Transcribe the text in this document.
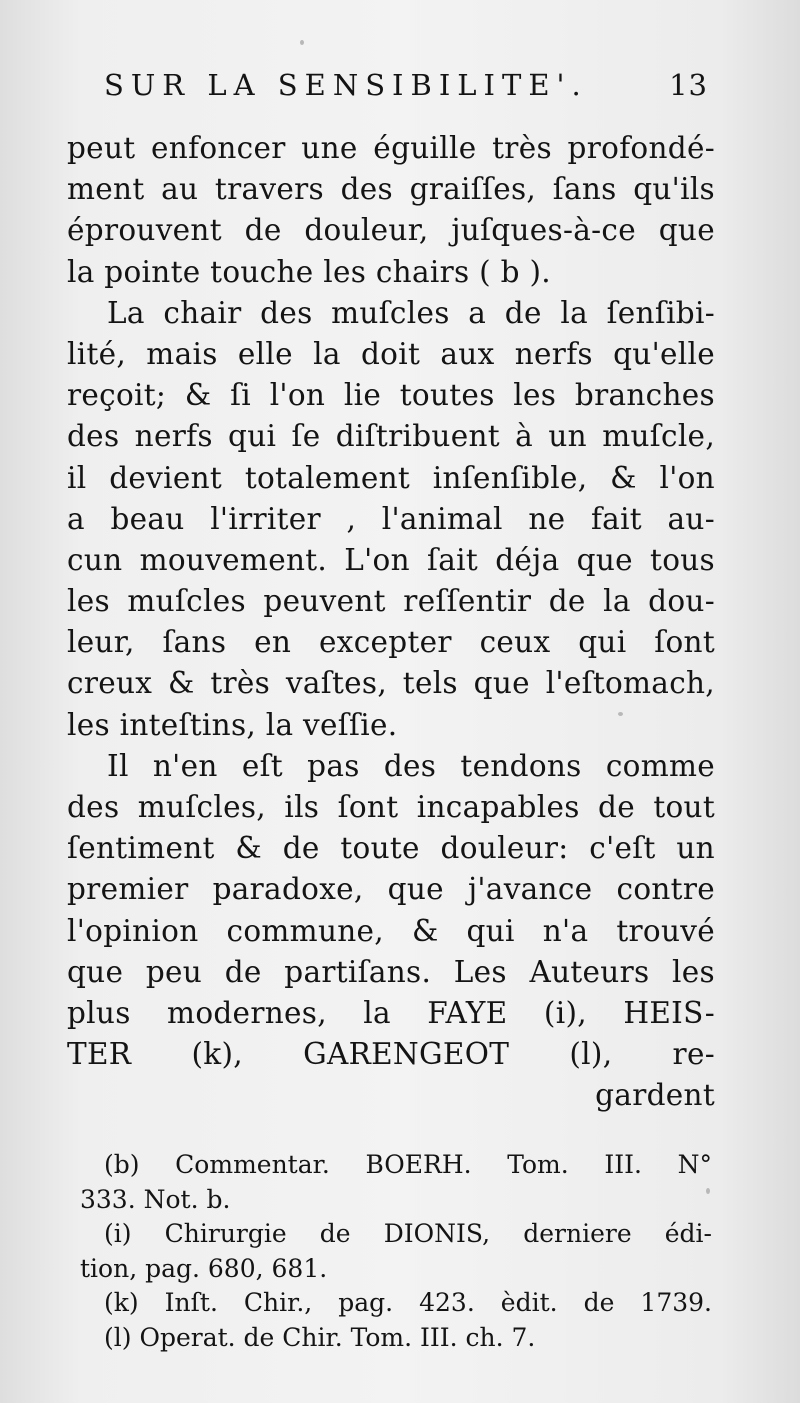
SUR LA SENSIBILITE'.	13
peut enfoncer une éguille très profondé-
ment au travers des graiſſes, ſans qu'ils
éprouvent de douleur, juſques-à-ce que
la pointe touche les chairs ( b ).
La chair des muſcles a de la ſenſibi-
lité, mais elle la doit aux nerfs qu'elle
reçoit; & ſi l'on lie toutes les branches
des nerfs qui ſe diſtribuent à un muſcle,
il devient totalement inſenſible, & l'on
a beau l'irriter , l'animal ne fait au-
cun mouvement. L'on ſait déja que tous
les muſcles peuvent reſſentir de la dou-
leur, ſans en excepter ceux qui ſont
creux & très vaſtes, tels que l'eſtomach,
les inteſtins, la veſſie.
Il n'en eſt pas des tendons comme
des muſcles, ils ſont incapables de tout
ſentiment & de toute douleur: c'eſt un
premier paradoxe, que j'avance contre
l'opinion commune, & qui n'a trouvé
que peu de partiſans. Les Auteurs les
plus modernes, la FAYE (i), HEIS-
TER (k), GARENGEOT (l), re-
gardent
(b) Commentar. BOERH. Tom. III. N°
333. Not. b.
(i) Chirurgie de DIONIS, derniere édi-
tion, pag. 680, 681.
(k) Inſt. Chir., pag. 423. èdit. de 1739.
(l) Operat. de Chir. Tom. III. ch. 7.
